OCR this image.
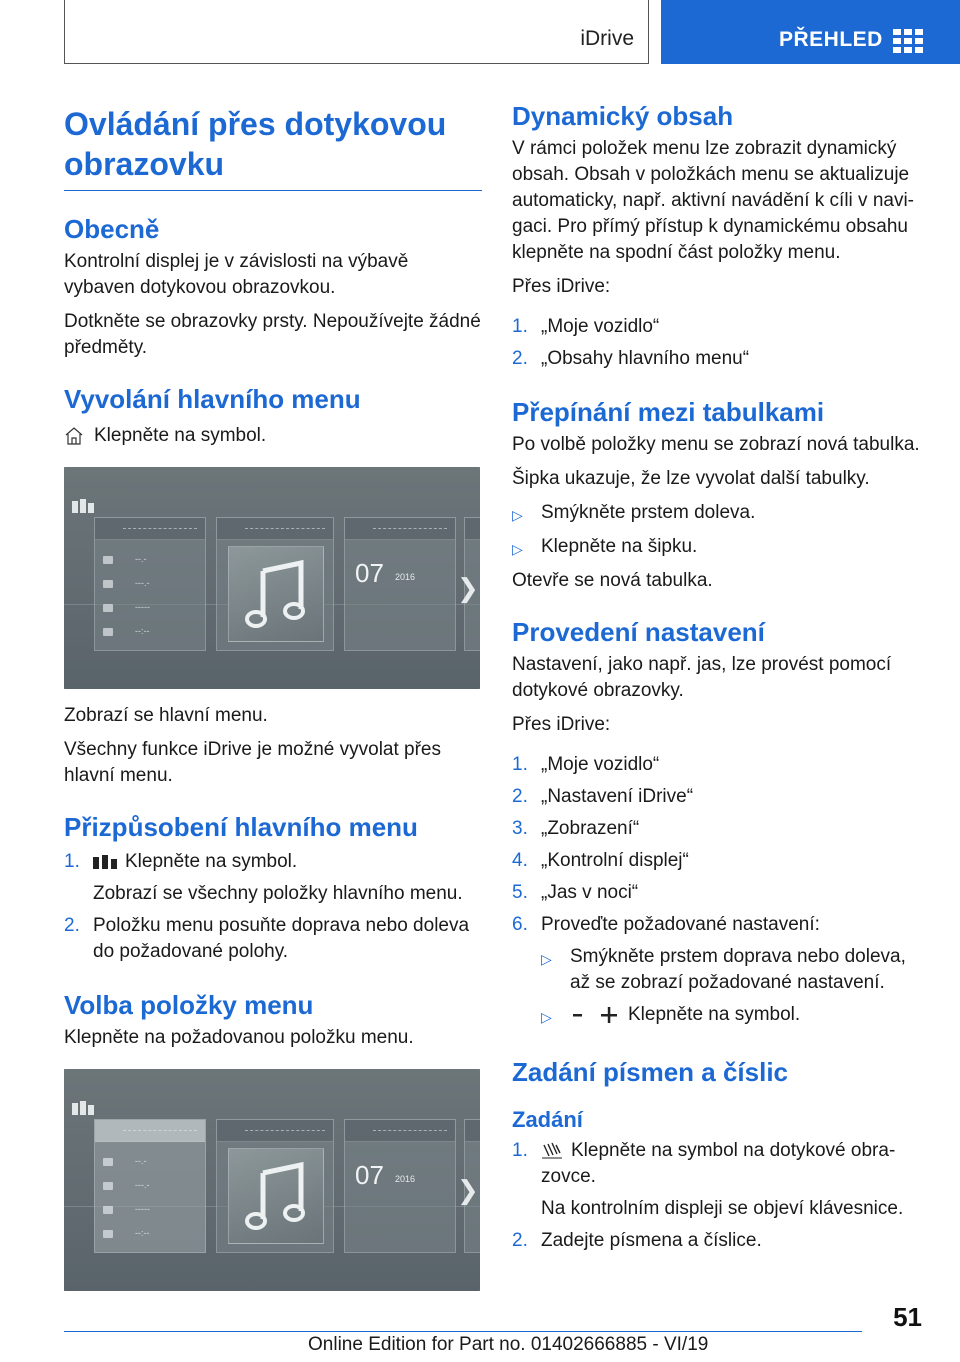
iDrive	PŘEHLED
Ovládání přes dotykovou obrazovku
Obecně

Kontrolní displej je v závislosti na výbavě vybaven dotykovou obrazovkou.

Dotkněte se obrazovky prsty. Nepoužívejte žádné předměty.

Vyvolání hlavního menu
Klepněte na symbol.
--.-
---.-
-----
--:--
07 2016 ❯

Zobrazí se hlavní menu.

Všechny funkce iDrive je možné vyvolat přes hlavní menu.

Přizpůsobení hlavního menu
1.	Klepněte na symbol.
Zobrazí se všechny položky hlavního menu.
2. Položku menu posuňte doprava nebo doleva do požadované polohy.
Volba položky menu

Klepněte na požadovanou položku menu.

--.-
---.-
-----
--:--
07 2016 ❯
Dynamický obsah

V rámci položek menu lze zobrazit dynamický obsah. Obsah v položkách menu se aktualizuje automaticky, např. aktivní navádění k cíli v navigaci. Pro přímý přístup k dynamickému obsahu klepněte na spodní část položky menu.

Přes iDrive:

1. „Moje vozidlo“
2. „Obsahy hlavního menu“
Přepínání mezi tabulkami

Po volbě položky menu se zobrazí nová tabulka.

Šipka ukazuje, že lze vyvolat další tabulky.

▷ Smýkněte prstem doleva.
▷ Klepněte na šipku.

Otevře se nová tabulka.

Provedení nastavení

Nastavení, jako např. jas, lze provést pomocí dotykové obrazovky.

Přes iDrive:

1. „Moje vozidlo“
2. „Nastavení iDrive“
3. „Zobrazení“
4. „Kontrolní displej“
5. „Jas v noci“
6. Proveďte požadované nastavení:
▷ Smýkněte prstem doprava nebo doleva, až se zobrazí požadované nastavení.
▷	Klepněte na symbol.
Zadání písmen a číslic
Zadání
1.	Klepněte na symbol na dotykové obrazovce.
Na kontrolním displeji se objeví klávesnice.
2. Zadejte písmena a číslice.
51
Online Edition for Part no. 01402666885 - VI/19
